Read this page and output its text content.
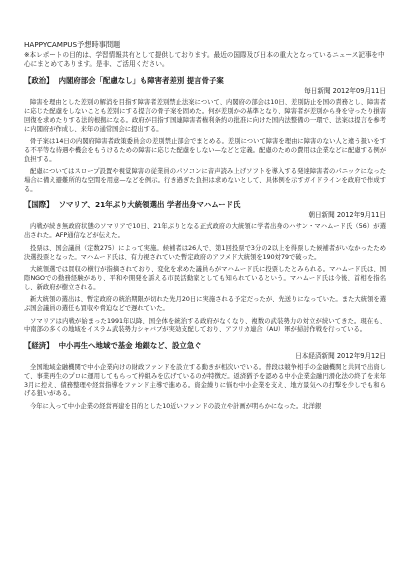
HAPPYCAMPUS予想時事問題
※本レポートの目的は、学習情報共有として提供しております。最近の国際及び日本の重大となっているニュース記事を中心にまとめてあります。是非、ご活用ください。
【政治】 内閣府部会「配慮なし」も障害者差別 提言骨子案
毎日新聞 2012年09月11日

障害を理由とした差別の解消を目指す障害者差別禁止法案について、内閣府の部会は10日、差別防止を国の責務とし、障害者に応じた配慮をしないことも差別にする提言の骨子案を固めた。何が差別かの基準となり、障害者が差別から身を守ったり損害回復を求めたりする法的根拠になる。政府が目指す国連障害者権利条約の批准に向けた国内法整備の一環で、法案は提言を参考に内閣府が作成し、来年の通常国会に提出する。

骨子案は14日の内閣府障害者政策委員会の差別禁止部会でまとめる。差別について障害を理由に障害のない人と違う扱いをする不平等な待遇や機会をもうけるための障害に応じた配慮をしない—などと定義。配慮のための費用は企業などに配慮する例が負担する。

配慮についてはスロープ設置や視覚障害の従業員のパソコンに音声読み上げソフトを導入する発達障害者のパニックになった場合に備え避難所的な空間を用意—などを例示。行き過ぎた負担は求めないとして、具体例を示すガイドラインを政府で作成する。

【国際】 ソマリア、21年ぶり大統領選出 学者出身マハムード氏
朝日新聞 2012年9月11日

内戦が続き無政府状態のソマリアで10日、21年ぶりとなる正式政府の大統領に学者出身のハサン・マハムード氏（56）が選出された。AFP通信などが伝えた。

投票は、国会議員（定数275）によって実施。候補者は26人で、第1回投票で3分の2以上を得票した候補者がいなかったため決選投票となった。マハムード氏は、有力視されていた暫定政府のアフメド大統領を190対79で破った。

大統領選では買収の横行が指摘されており、変化を求めた議員らがマハムード氏に投票したとみられる。マハムード氏は、国際NGOでの勤務経験があり、平和や開発を訴える市民活動家としても知られているという。マハムード氏は今後、首相を指名し、新政府が樹立される。

新大統領の選出は、暫定政府の統治期限が切れた先月20日に実施される予定だったが、先送りになっていた。また大統領を選ぶ国会議員の選任も買収や脅迫などで遅れていた。

ソマリアは内戦が始まった1991年以降、国全体を統治する政府がなくなり、複数の武装勢力の対立が続いてきた。現在も、中南部の多くの地域をイスラム武装勢力シャバブが実効支配しており、アフリカ連合（AU）軍が掃討作戦を行っている。

【経済】 中小再生へ地域で基金 地銀など、設立急ぐ
日本経済新聞 2012年9月12日

全国地域金融機関で中小企業向けの財政ファンドを設立する動きが相次いでいる。普段は競争相手の金融機関と共同で出資して、事業再生のプロに運用してもらって枠組みを広げているのが特徴だ。返済猶予を認める中小企業金融円滑化法の終了を来年3月に控え、債務整理や経営指導をファンド主導で進める。資金繰りに悩む中小企業を支え、地方景気への打撃を少しでも和らげる狙いがある。

今年に入って中小企業の経営再建を目的とした10近いファンドの設立や計画が明らかになった。北洋銀
